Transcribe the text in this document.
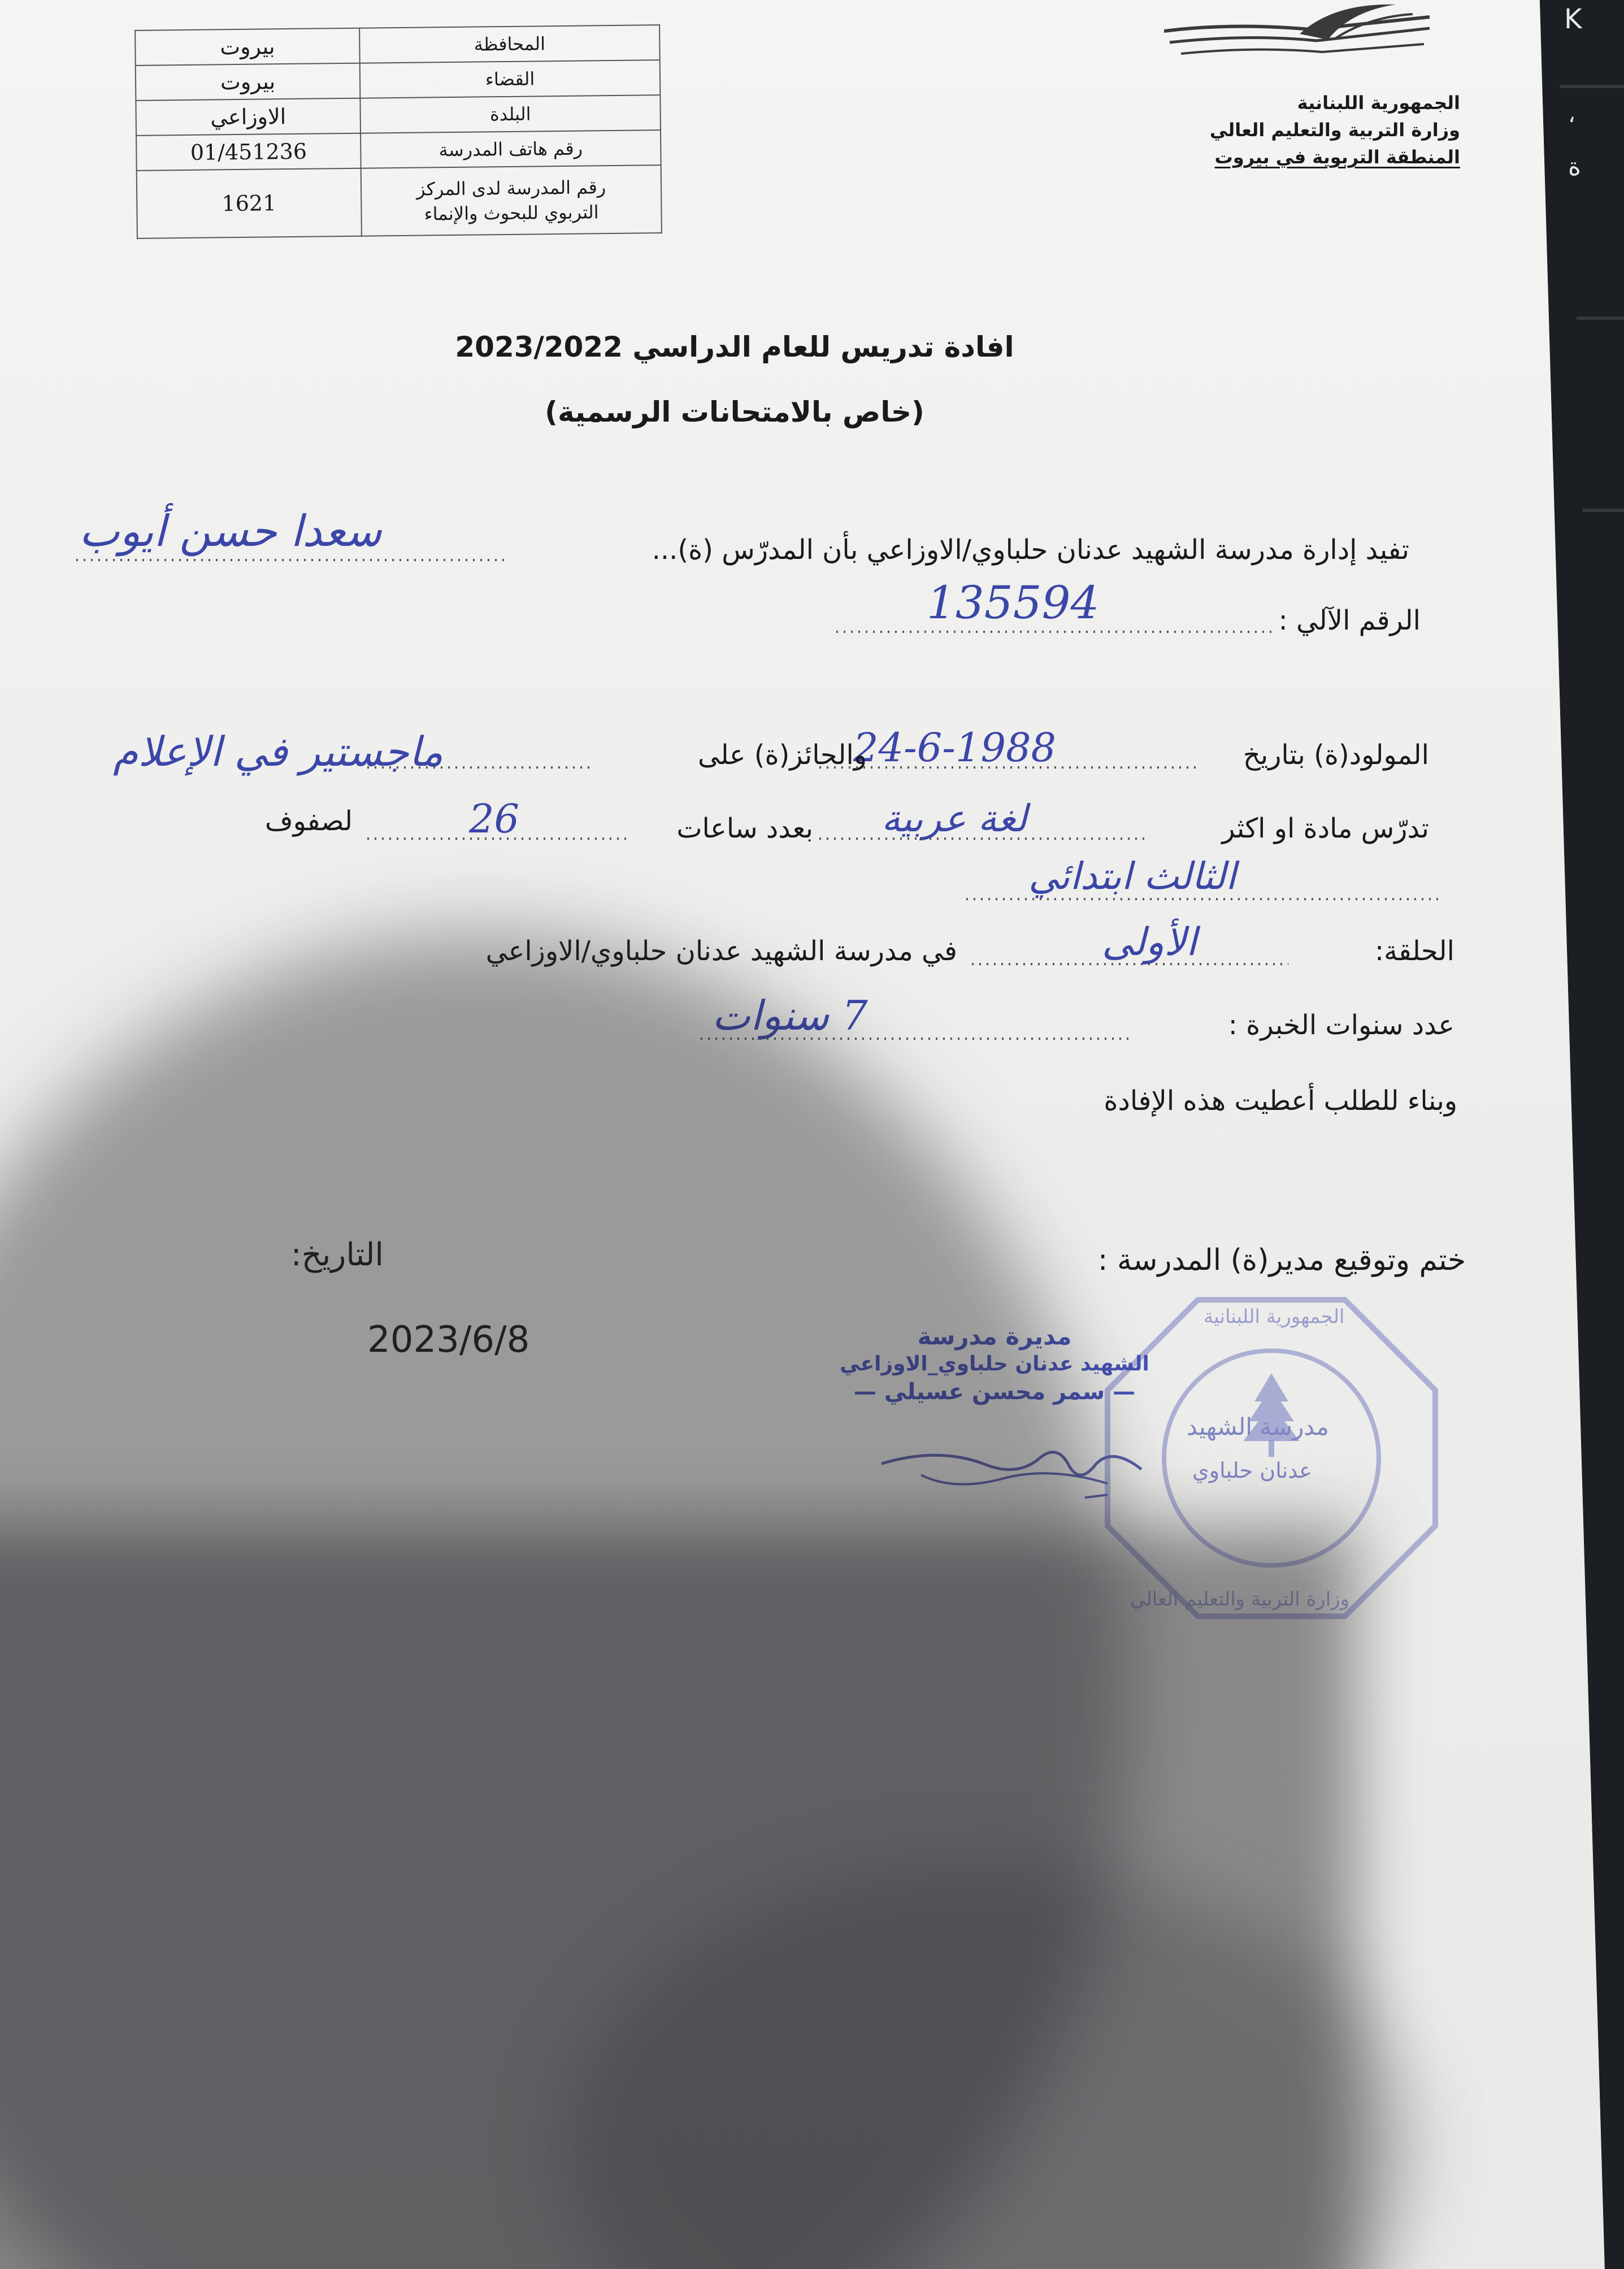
K
،
ة
الجمهورية اللبنانية
وزارة التربية والتعليم العالي
المنطقة التربوية في بيروت
المحافظة	بيروت
القضاء	بيروت
البلدة	الاوزاعي
رقم هاتف المدرسة	01/451236

رقم المدرسة لدى المركز
التربوي للبحوث والإنماء	1621
افادة تدريس للعام الدراسي 2023/2022
(خاص بالامتحانات الرسمية)
تفيد إدارة مدرسة الشهيد عدنان حلباوي/الاوزاعي بأن المدرّس (ة)...
سعدا حسن أيوب
الرقم الآلي :
135594
المولود(ة) بتاريخ
24-6-1988
والحائز(ة) على
ماجستير في الإعلام
تدرّس مادة او اكثر
لغة عربية
بعدد ساعات
26
لصفوف
الثالث ابتدائي
الحلقة:
الأولى
في مدرسة الشهيد عدنان حلباوي/الاوزاعي
عدد سنوات الخبرة :
7 سنوات
وبناء للطلب أعطيت هذه الإفادة
ختم وتوقيع مدير(ة) المدرسة :
التاريخ:
2023/6/8
مدرسة الشهيد
عدنان حلباوي
الجمهورية اللبنانية
مديرة مدرسة
الشهيد عدنان حلباوي_الاوزاعي
— سمر محسن عسيلي —
